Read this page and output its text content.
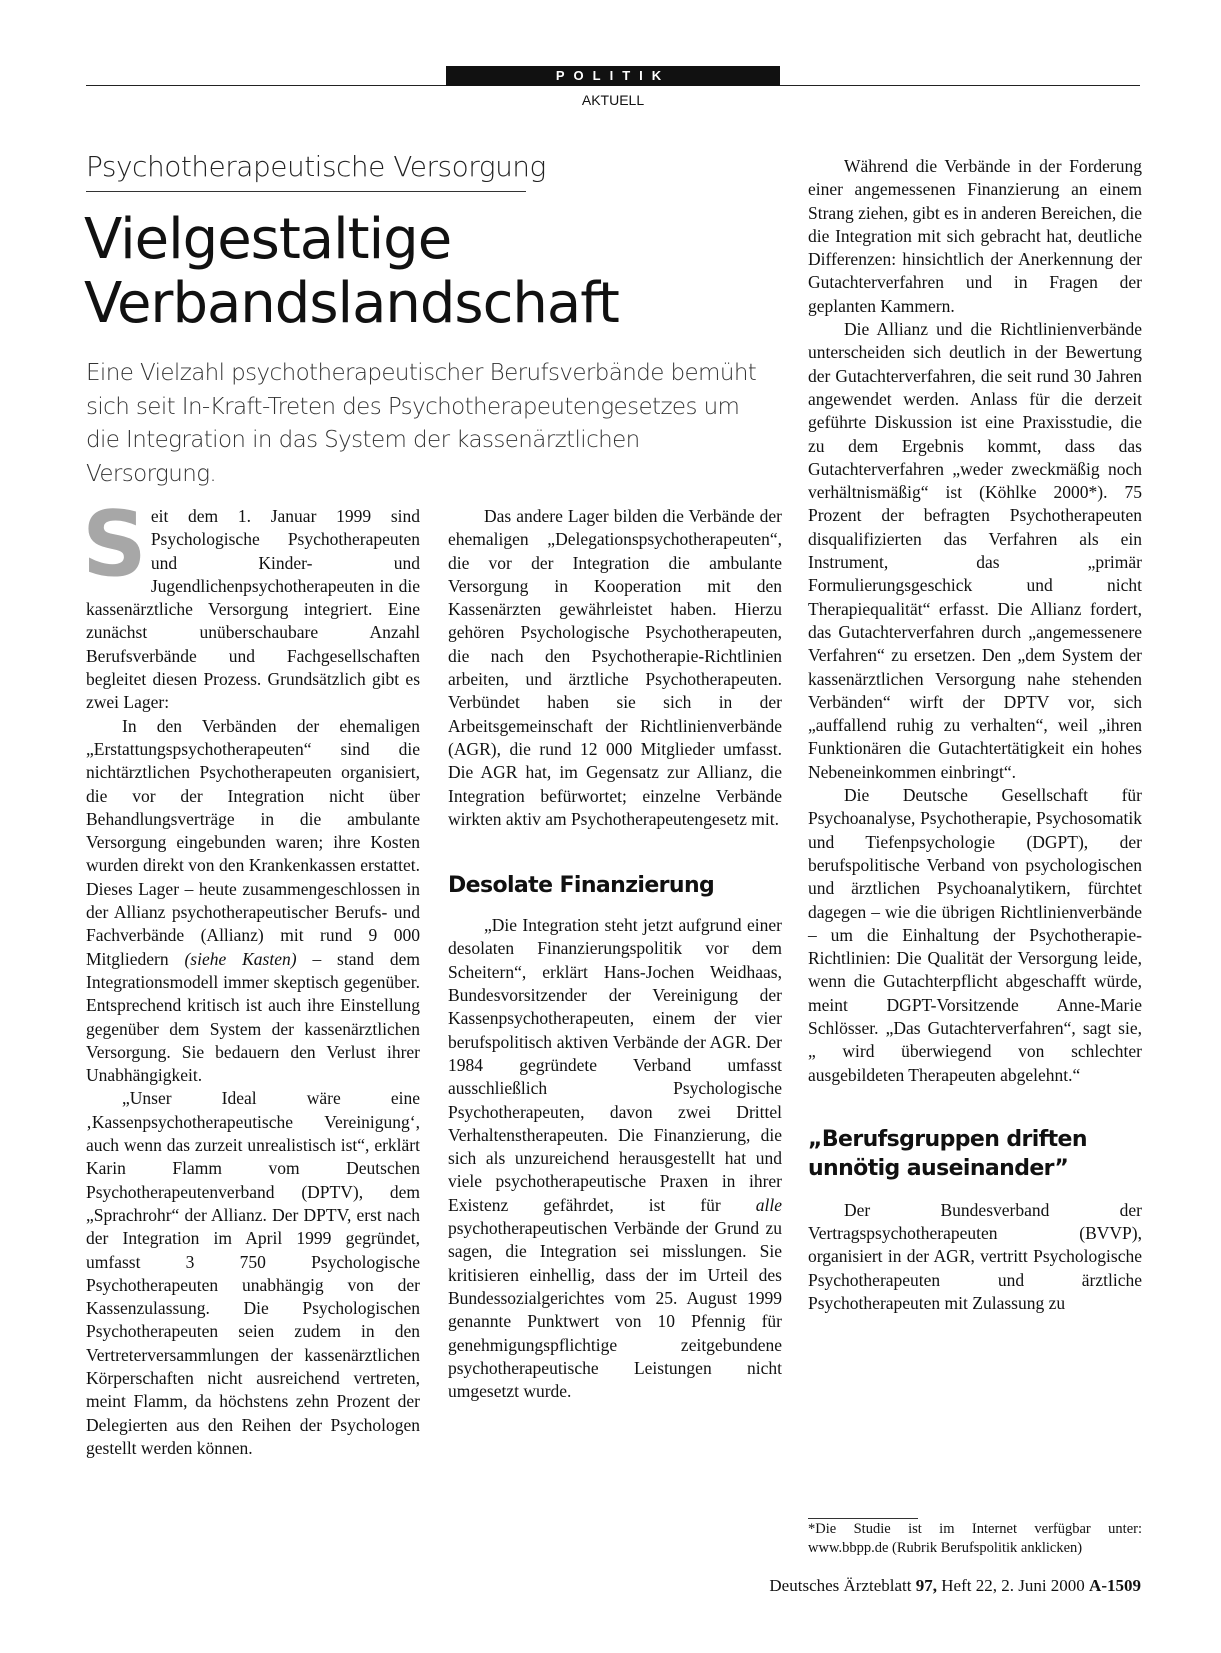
POLITIK
AKTUELL
Psychotherapeutische Versorgung
Vielgestaltige Verbandslandschaft
Eine Vielzahl psychotherapeutischer Berufsverbände bemüht sich seit In-Kraft-Treten des Psychotherapeutengesetzes um die Integration in das System der kassenärztlichen Versorgung.

Seit dem 1. Januar 1999 sind Psychologische Psychotherapeuten und Kinder- und Jugendlichenpsychotherapeuten in die kassenärztliche Versorgung integriert. Eine zunächst unüberschaubare Anzahl Berufsverbände und Fachgesellschaften begleitet diesen Prozess. Grundsätzlich gibt es zwei Lager:

In den Verbänden der ehemaligen „Erstattungspsychotherapeuten“ sind die nichtärztlichen Psychotherapeuten organisiert, die vor der Integration nicht über Behandlungsverträge in die ambulante Versorgung eingebunden waren; ihre Kosten wurden direkt von den Krankenkassen erstattet. Dieses Lager – heute zusammengeschlossen in der Allianz psychotherapeutischer Berufs- und Fachverbände (Allianz) mit rund 9 000 Mitgliedern (siehe Kasten) – stand dem Integrationsmodell immer skeptisch gegenüber. Entsprechend kritisch ist auch ihre Einstellung gegenüber dem System der kassenärztlichen Versorgung. Sie bedauern den Verlust ihrer Unabhängigkeit.

„Unser Ideal wäre eine ‚Kassenpsychotherapeutische Vereinigung‘, auch wenn das zurzeit unrealistisch ist“, erklärt Karin Flamm vom Deutschen Psychotherapeutenverband (DPTV), dem „Sprachrohr“ der Allianz. Der DPTV, erst nach der Integration im April 1999 gegründet, umfasst 3 750 Psychologische Psychotherapeuten unabhängig von der Kassenzulassung. Die Psychologischen Psychotherapeuten seien zudem in den Vertreterversammlungen der kassenärztlichen Körperschaften nicht ausreichend vertreten, meint Flamm, da höchstens zehn Prozent der Delegierten aus den Reihen der Psychologen gestellt werden können.

Das andere Lager bilden die Verbände der ehemaligen „Delegationspsychotherapeuten“, die vor der Integration die ambulante Versorgung in Kooperation mit den Kassenärzten gewährleistet haben. Hierzu gehören Psychologische Psychotherapeuten, die nach den Psychotherapie-Richtlinien arbeiten, und ärztliche Psychotherapeuten. Verbündet haben sie sich in der Arbeitsgemeinschaft der Richtlinienverbände (AGR), die rund 12 000 Mitglieder umfasst. Die AGR hat, im Gegensatz zur Allianz, die Integration befürwortet; einzelne Verbände wirkten aktiv am Psychotherapeutengesetz mit.

Desolate Finanzierung

„Die Integration steht jetzt aufgrund einer desolaten Finanzierungspolitik vor dem Scheitern“, erklärt Hans-Jochen Weidhaas, Bundesvorsitzender der Vereinigung der Kassenpsychotherapeuten, einem der vier berufspolitisch aktiven Verbände der AGR. Der 1984 gegründete Verband umfasst ausschließlich Psychologische Psychotherapeuten, davon zwei Drittel Verhaltenstherapeuten. Die Finanzierung, die sich als unzureichend herausgestellt hat und viele psychotherapeutische Praxen in ihrer Existenz gefährdet, ist für alle psychotherapeutischen Verbände der Grund zu sagen, die Integration sei misslungen. Sie kritisieren einhellig, dass der im Urteil des Bundessozialgerichtes vom 25. August 1999 genannte Punktwert von 10 Pfennig für genehmigungspflichtige zeitgebundene psychotherapeutische Leistungen nicht umgesetzt wurde.

Während die Verbände in der Forderung einer angemessenen Finanzierung an einem Strang ziehen, gibt es in anderen Bereichen, die die Integration mit sich gebracht hat, deutliche Differenzen: hinsichtlich der Anerkennung der Gutachterverfahren und in Fragen der geplanten Kammern.

Die Allianz und die Richtlinienverbände unterscheiden sich deutlich in der Bewertung der Gutachterverfahren, die seit rund 30 Jahren angewendet werden. Anlass für die derzeit geführte Diskussion ist eine Praxisstudie, die zu dem Ergebnis kommt, dass das Gutachterverfahren „weder zweckmäßig noch verhältnismäßig“ ist (Köhlke 2000*). 75 Prozent der befragten Psychotherapeuten disqualifizierten das Verfahren als ein Instrument, das „primär Formulierungsgeschick und nicht Therapiequalität“ erfasst. Die Allianz fordert, das Gutachterverfahren durch „angemessenere Verfahren“ zu ersetzen. Den „dem System der kassenärztlichen Versorgung nahe stehenden Verbänden“ wirft der DPTV vor, sich „auffallend ruhig zu verhalten“, weil „ihren Funktionären die Gutachtertätigkeit ein hohes Nebeneinkommen einbringt“.

Die Deutsche Gesellschaft für Psychoanalyse, Psychotherapie, Psychosomatik und Tiefenpsychologie (DGPT), der berufspolitische Verband von psychologischen und ärztlichen Psychoanalytikern, fürchtet dagegen – wie die übrigen Richtlinienverbände – um die Einhaltung der Psychotherapie-Richtlinien: Die Qualität der Versorgung leide, wenn die Gutachterpflicht abgeschafft würde, meint DGPT-Vorsitzende Anne-Marie Schlösser. „Das Gutachterverfahren“, sagt sie, „ wird überwiegend von schlechter ausgebildeten Therapeuten abgelehnt.“

„Berufsgruppen driften unnötig auseinander”

Der Bundesverband der Vertragspsychotherapeuten (BVVP), organisiert in der AGR, vertritt Psychologische Psychotherapeuten und ärztliche Psychotherapeuten mit Zulassung zu

*Die Studie ist im Internet verfügbar unter: www.bbpp.de (Rubrik Berufspolitik anklicken)
Deutsches Ärzteblatt 97, Heft 22, 2. Juni 2000 A-1509
